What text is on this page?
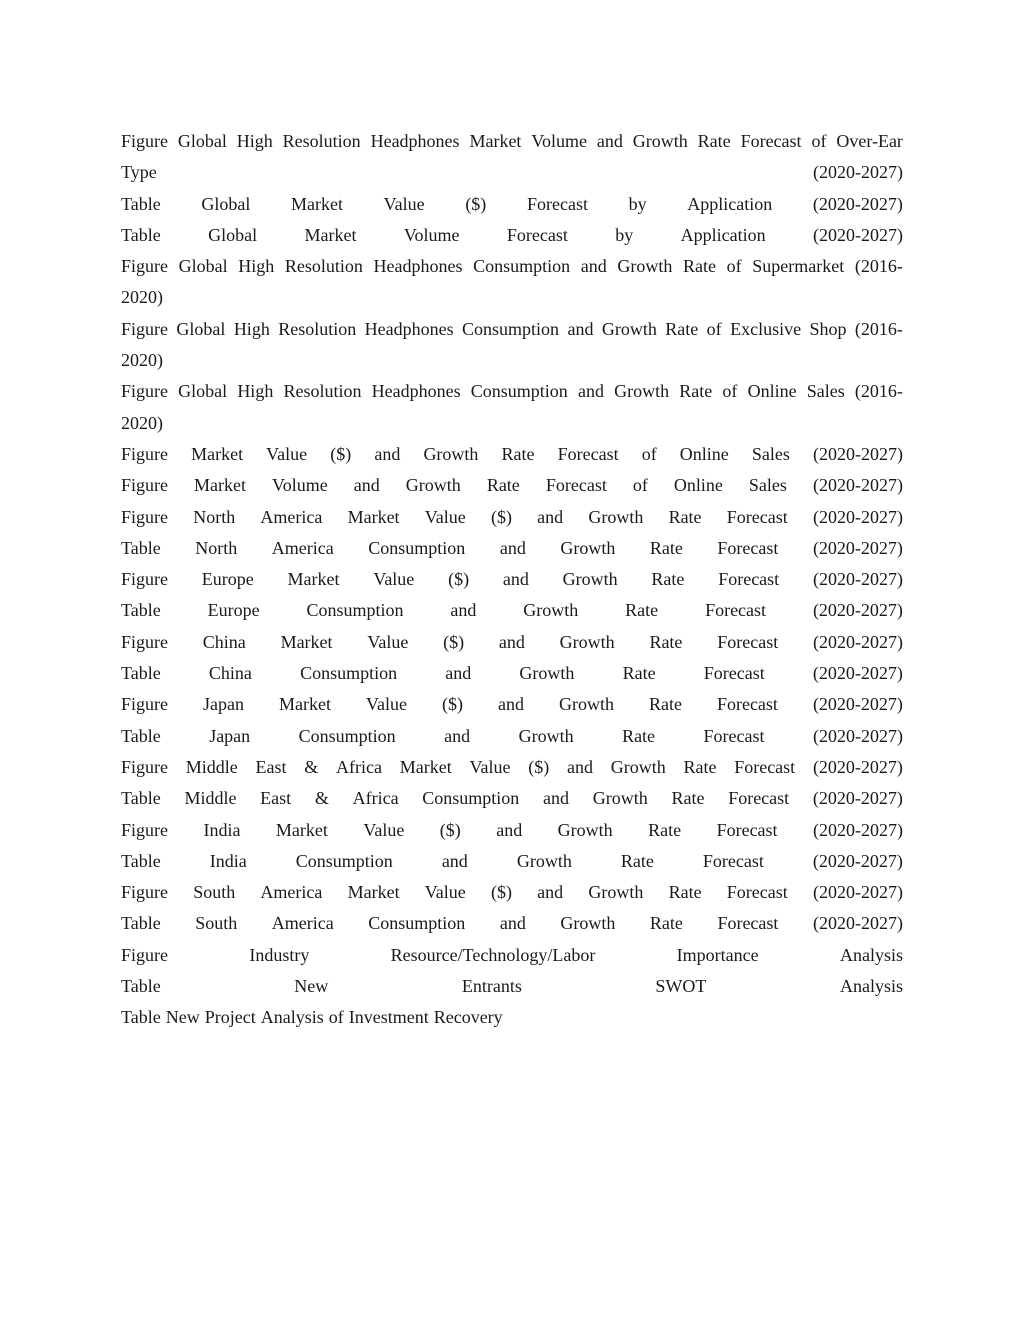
Figure Global High Resolution Headphones Market Volume and Growth Rate Forecast of Over-Ear
Type	(2020-2027)
Table Global Market Value ($) Forecast by Application (2020-2027)
Table	Global	Market	Volume	Forecast	by	Application	(2020-2027)
Figure Global High Resolution Headphones Consumption and Growth Rate of Supermarket (2016-
2020)
Figure Global High Resolution Headphones Consumption and Growth Rate of Exclusive Shop (2016-
2020)
Figure Global High Resolution Headphones Consumption and Growth Rate of Online Sales (2016-
2020)
Figure Market Value ($) and Growth Rate Forecast of Online Sales (2020-2027)
Figure Market Volume and Growth Rate Forecast of Online Sales (2020-2027)
Figure North America Market Value ($) and Growth Rate Forecast (2020-2027)
Table North America Consumption and Growth Rate Forecast (2020-2027)
Figure Europe Market Value ($) and Growth Rate Forecast (2020-2027)
Table	Europe	Consumption	and	Growth	Rate	Forecast	(2020-2027)
Figure China Market Value ($) and Growth Rate Forecast (2020-2027)
Table	China	Consumption	and	Growth	Rate	Forecast	(2020-2027)
Figure Japan Market Value ($) and Growth Rate Forecast (2020-2027)
Table	Japan	Consumption	and	Growth	Rate	Forecast	(2020-2027)
Figure Middle East & Africa Market Value ($) and Growth Rate Forecast (2020-2027)
Table Middle East & Africa Consumption and Growth Rate Forecast (2020-2027)
Figure India Market Value ($) and Growth Rate Forecast (2020-2027)
Table	India	Consumption	and	Growth	Rate	Forecast	(2020-2027)
Figure South America Market Value ($) and Growth Rate Forecast (2020-2027)
Table South America Consumption and Growth Rate Forecast (2020-2027)
Figure	Industry	Resource/Technology/Labor	Importance	Analysis
Table	New	Entrants	SWOT	Analysis
Table New Project Analysis of Investment Recovery
